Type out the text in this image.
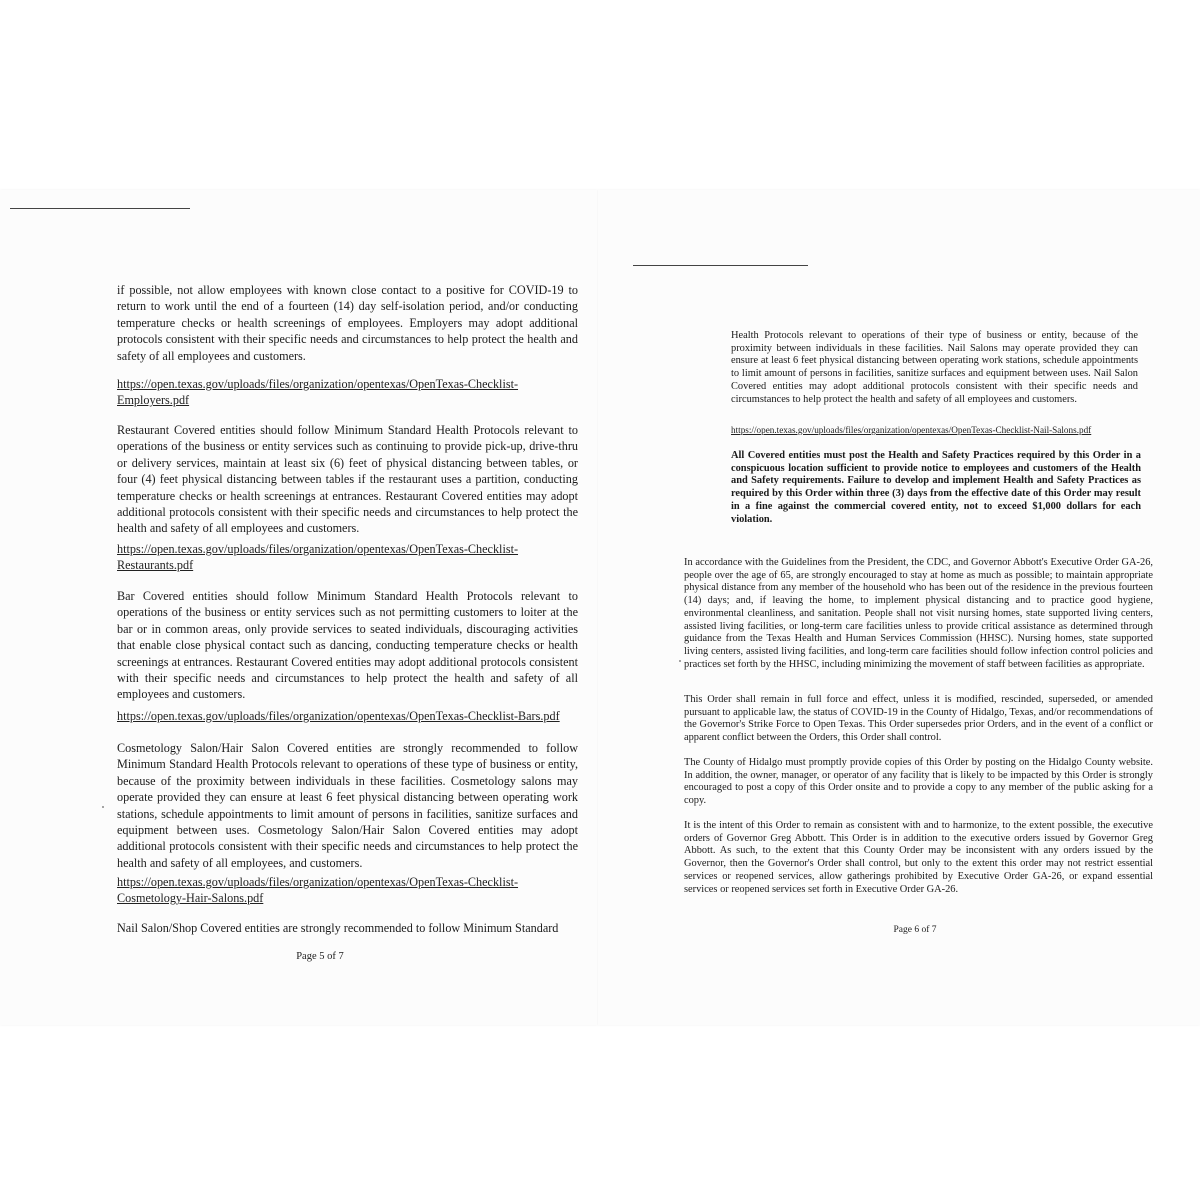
if possible, not allow employees with known close contact to a positive for COVID-19 to return to work until the end of a fourteen (14) day self-isolation period, and/or conducting temperature checks or health screenings of employees. Employers may adopt additional protocols consistent with their specific needs and circumstances to help protect the health and safety of all employees and customers.

https://open.texas.gov/uploads/files/organization/opentexas/OpenTexas-Checklist-
Employers.pdf

Restaurant Covered entities should follow Minimum Standard Health Protocols relevant to operations of the business or entity services such as continuing to provide pick-up, drive-thru or delivery services, maintain at least six (6) feet of physical distancing between tables, or four (4) feet physical distancing between tables if the restaurant uses a partition, conducting temperature checks or health screenings at entrances. Restaurant Covered entities may adopt additional protocols consistent with their specific needs and circumstances to help protect the health and safety of all employees and customers.

https://open.texas.gov/uploads/files/organization/opentexas/OpenTexas-Checklist-
Restaurants.pdf

Bar Covered entities should follow Minimum Standard Health Protocols relevant to operations of the business or entity services such as not permitting customers to loiter at the bar or in common areas, only provide services to seated individuals, discouraging activities that enable close physical contact such as dancing, conducting temperature checks or health screenings at entrances. Restaurant Covered entities may adopt additional protocols consistent with their specific needs and circumstances to help protect the health and safety of all employees and customers.

https://open.texas.gov/uploads/files/organization/opentexas/OpenTexas-Checklist-Bars.pdf

Cosmetology Salon/Hair Salon Covered entities are strongly recommended to follow Minimum Standard Health Protocols relevant to operations of these type of business or entity, because of the proximity between individuals in these facilities. Cosmetology salons may operate provided they can ensure at least 6 feet physical distancing between operating work stations, schedule appointments to limit amount of persons in facilities, sanitize surfaces and equipment between uses. Cosmetology Salon/Hair Salon Covered entities may adopt additional protocols consistent with their specific needs and circumstances to help protect the health and safety of all employees, and customers.

https://open.texas.gov/uploads/files/organization/opentexas/OpenTexas-Checklist-
Cosmetology-Hair-Salons.pdf

Nail Salon/Shop Covered entities are strongly recommended to follow Minimum Standard

Page 5 of 7

Health Protocols relevant to operations of their type of business or entity, because of the proximity between individuals in these facilities. Nail Salons may operate provided they can ensure at least 6 feet physical distancing between operating work stations, schedule appointments to limit amount of persons in facilities, sanitize surfaces and equipment between uses. Nail Salon Covered entities may adopt additional protocols consistent with their specific needs and circumstances to help protect the health and safety of all employees and customers.

https://open.texas.gov/uploads/files/organization/opentexas/OpenTexas-Checklist-Nail-Salons.pdf

All Covered entities must post the Health and Safety Practices required by this Order in a conspicuous location sufficient to provide notice to employees and customers of the Health and Safety requirements. Failure to develop and implement Health and Safety Practices as required by this Order within three (3) days from the effective date of this Order may result in a fine against the commercial covered entity, not to exceed $1,000 dollars for each violation.

In accordance with the Guidelines from the President, the CDC, and Governor Abbott's Executive Order GA-26, people over the age of 65, are strongly encouraged to stay at home as much as possible; to maintain appropriate physical distance from any member of the household who has been out of the residence in the previous fourteen (14) days; and, if leaving the home, to implement physical distancing and to practice good hygiene, environmental cleanliness, and sanitation. People shall not visit nursing homes, state supported living centers, assisted living facilities, or long-term care facilities unless to provide critical assistance as determined through guidance from the Texas Health and Human Services Commission (HHSC). Nursing homes, state supported living centers, assisted living facilities, and long-term care facilities should follow infection control policies and practices set forth by the HHSC, including minimizing the movement of staff between facilities as appropriate.

This Order shall remain in full force and effect, unless it is modified, rescinded, superseded, or amended pursuant to applicable law, the status of COVID-19 in the County of Hidalgo, Texas, and/or recommendations of the Governor's Strike Force to Open Texas. This Order supersedes prior Orders, and in the event of a conflict or apparent conflict between the Orders, this Order shall control.

The County of Hidalgo must promptly provide copies of this Order by posting on the Hidalgo County website. In addition, the owner, manager, or operator of any facility that is likely to be impacted by this Order is strongly encouraged to post a copy of this Order onsite and to provide a copy to any member of the public asking for a copy.

It is the intent of this Order to remain as consistent with and to harmonize, to the extent possible, the executive orders of Governor Greg Abbott. This Order is in addition to the executive orders issued by Governor Greg Abbott. As such, to the extent that this County Order may be inconsistent with any orders issued by the Governor, then the Governor's Order shall control, but only to the extent this order may not restrict essential services or reopened services, allow gatherings prohibited by Executive Order GA-26, or expand essential services or reopened services set forth in Executive Order GA-26.

Page 6 of 7
